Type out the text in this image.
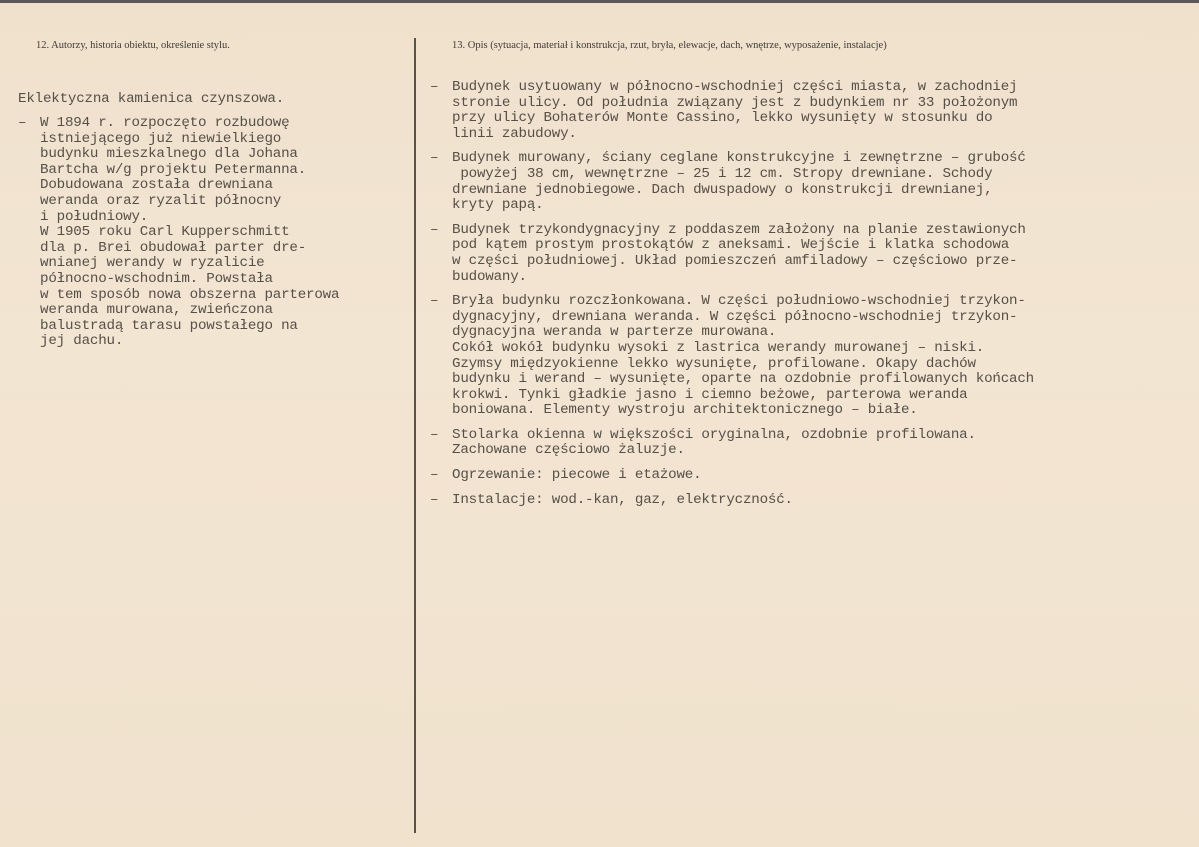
12. Autorzy, historia obiektu, określenie stylu.	13. Opis (sytuacja, materiał i konstrukcja, rzut, bryła, elewacje, dach, wnętrze, wyposażenie, instalacje)
Eklektyczna kamienica czynszowa.
– W 1894 r. rozpoczęto rozbudowę
istniejącego już niewielkiego
budynku mieszkalnego dla Johana
Bartcha w/g projektu Petermanna.
Dobudowana została drewniana
weranda oraz ryzalit północny
i południowy.
W 1905 roku Carl Kupperschmitt
dla p. Brei obudował parter dre-
wnianej werandy w ryzalicie
północno-wschodnim. Powstała
w tem sposób nowa obszerna parterowa
weranda murowana, zwieńczona
balustradą tarasu powstałego na
jej dachu.
– Budynek usytuowany w północno-wschodniej części miasta, w zachodniej
stronie ulicy. Od południa związany jest z budynkiem nr 33 położonym
przy ulicy Bohaterów Monte Cassino, lekko wysunięty w stosunku do
linii zabudowy.
– Budynek murowany, ściany ceglane konstrukcyjne i zewnętrzne – grubość
powyżej 38 cm, wewnętrzne – 25 i 12 cm. Stropy drewniane. Schody
drewniane jednobiegowe. Dach dwuspadowy o konstrukcji drewnianej,
kryty papą.
– Budynek trzykondygnacyjny z poddaszem założony na planie zestawionych
pod kątem prostym prostokątów z aneksami. Wejście i klatka schodowa
w części południowej. Układ pomieszczeń amfiladowy – częściowo prze-
budowany.
– Bryła budynku rozczłonkowana. W części południowo-wschodniej trzykon-
dygnacyjny, drewniana weranda. W części północno-wschodniej trzykon-
dygnacyjna weranda w parterze murowana.
Cokół wokół budynku wysoki z lastrica werandy murowanej – niski.
Gzymsy międzyokienne lekko wysunięte, profilowane. Okapy dachów
budynku i werand – wysunięte, oparte na ozdobnie profilowanych końcach
krokwi. Tynki gładkie jasno i ciemno beżowe, parterowa weranda
boniowana. Elementy wystroju architektonicznego – białe.
– Stolarka okienna w większości oryginalna, ozdobnie profilowana.
Zachowane częściowo żaluzje.
– Ogrzewanie: piecowe i etażowe.
– Instalacje: wod.-kan, gaz, elektryczność.
